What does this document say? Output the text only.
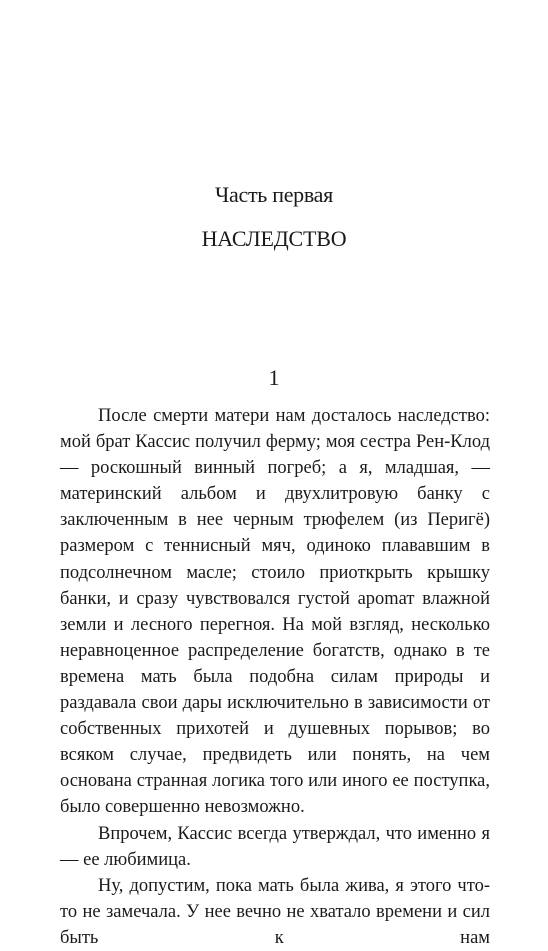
Часть первая
НАСЛЕДСТВО
1

После смерти матери нам досталось наследство: мой брат Кассис получил ферму; моя сестра Рен-Клод — роскошный винный погреб; а я, младшая, — материнский альбом и двухлитровую банку с заключенным в нее черным трюфелем (из Перигё) размером с теннисный мяч, одиноко плававшим в подсолнечном масле; стоило приоткрыть крышку банки, и сразу чувствовался густой ароmат влажной земли и лесного перегноя. На мой взгляд, несколько неравноценное распределение богатств, однако в те времена мать была подобна силам природы и раздавала свои дары исключительно в зависимости от собственных прихотей и душевных порывов; во всяком случае, предвидеть или понять, на чем основана странная логика того или иного ее поступка, было совершенно невозможно.

Впрочем, Кассис всегда утверждал, что именно я — ее любимица.

Ну, допустим, пока мать была жива, я этого что-то не замечала. У нее вечно не хватало времени и сил быть к нам
